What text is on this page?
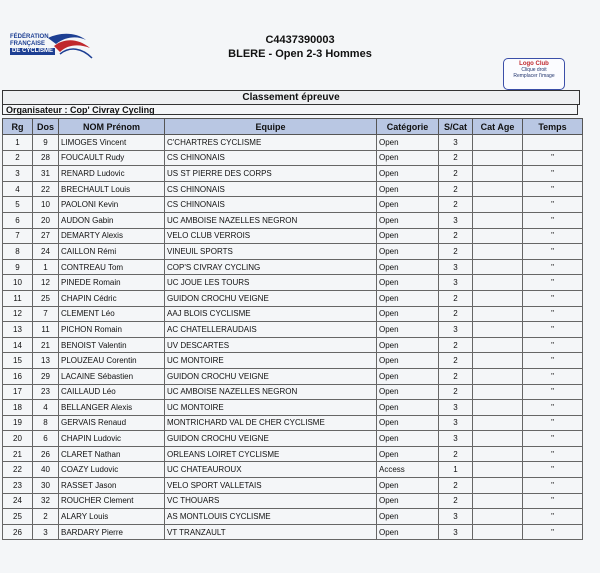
FÉDÉRATION
FRANÇAISE
DE CYCLISME
C4437390003
BLERE - Open 2-3 Hommes
Logo Club
Clique droit
Remplacer l'image
Classement épreuve
Organisateur : Cop' Civray Cycling
Rg	Dos	NOM Prénom	Equipe	Catégorie	S/Cat	Cat Age	Temps
1	9	LIMOGES Vincent	C'CHARTRES CYCLISME	Open	3		
2	28	FOUCAULT Rudy	CS CHINONAIS	Open	2		"
3	31	RENARD Ludovic	US ST PIERRE DES CORPS	Open	2		"
4	22	BRECHAULT Louis	CS CHINONAIS	Open	2		"
5	10	PAOLONI Kevin	CS CHINONAIS	Open	2		"
6	20	AUDON Gabin	UC AMBOISE NAZELLES NEGRON	Open	3		"
7	27	DEMARTY Alexis	VELO CLUB VERROIS	Open	2		"
8	24	CAILLON Rémi	VINEUIL SPORTS	Open	2		"
9	1	CONTREAU Tom	COP'S CIVRAY CYCLING	Open	3		"
10	12	PINEDE Romain	UC JOUE LES TOURS	Open	3		"
11	25	CHAPIN Cédric	GUIDON CROCHU VEIGNE	Open	2		"
12	7	CLEMENT Léo	AAJ BLOIS CYCLISME	Open	2		"
13	11	PICHON Romain	AC CHATELLERAUDAIS	Open	3		"
14	21	BENOIST Valentin	UV DESCARTES	Open	2		"
15	13	PLOUZEAU Corentin	UC MONTOIRE	Open	2		"
16	29	LACAINE Sébastien	GUIDON CROCHU VEIGNE	Open	2		"
17	23	CAILLAUD Léo	UC AMBOISE NAZELLES NEGRON	Open	2		"
18	4	BELLANGER Alexis	UC MONTOIRE	Open	3		"
19	8	GERVAIS Renaud	MONTRICHARD VAL DE CHER CYCLISME	Open	3		"
20	6	CHAPIN Ludovic	GUIDON CROCHU VEIGNE	Open	3		"
21	26	CLARET Nathan	ORLEANS LOIRET CYCLISME	Open	2		"
22	40	COAZY Ludovic	UC CHATEAUROUX	Access	1		"
23	30	RASSET Jason	VELO SPORT VALLETAIS	Open	2		"
24	32	ROUCHER Clement	VC THOUARS	Open	2		"
25	2	ALARY Louis	AS MONTLOUIS CYCLISME	Open	3		"
26	3	BARDARY Pierre	VT TRANZAULT	Open	3		"
